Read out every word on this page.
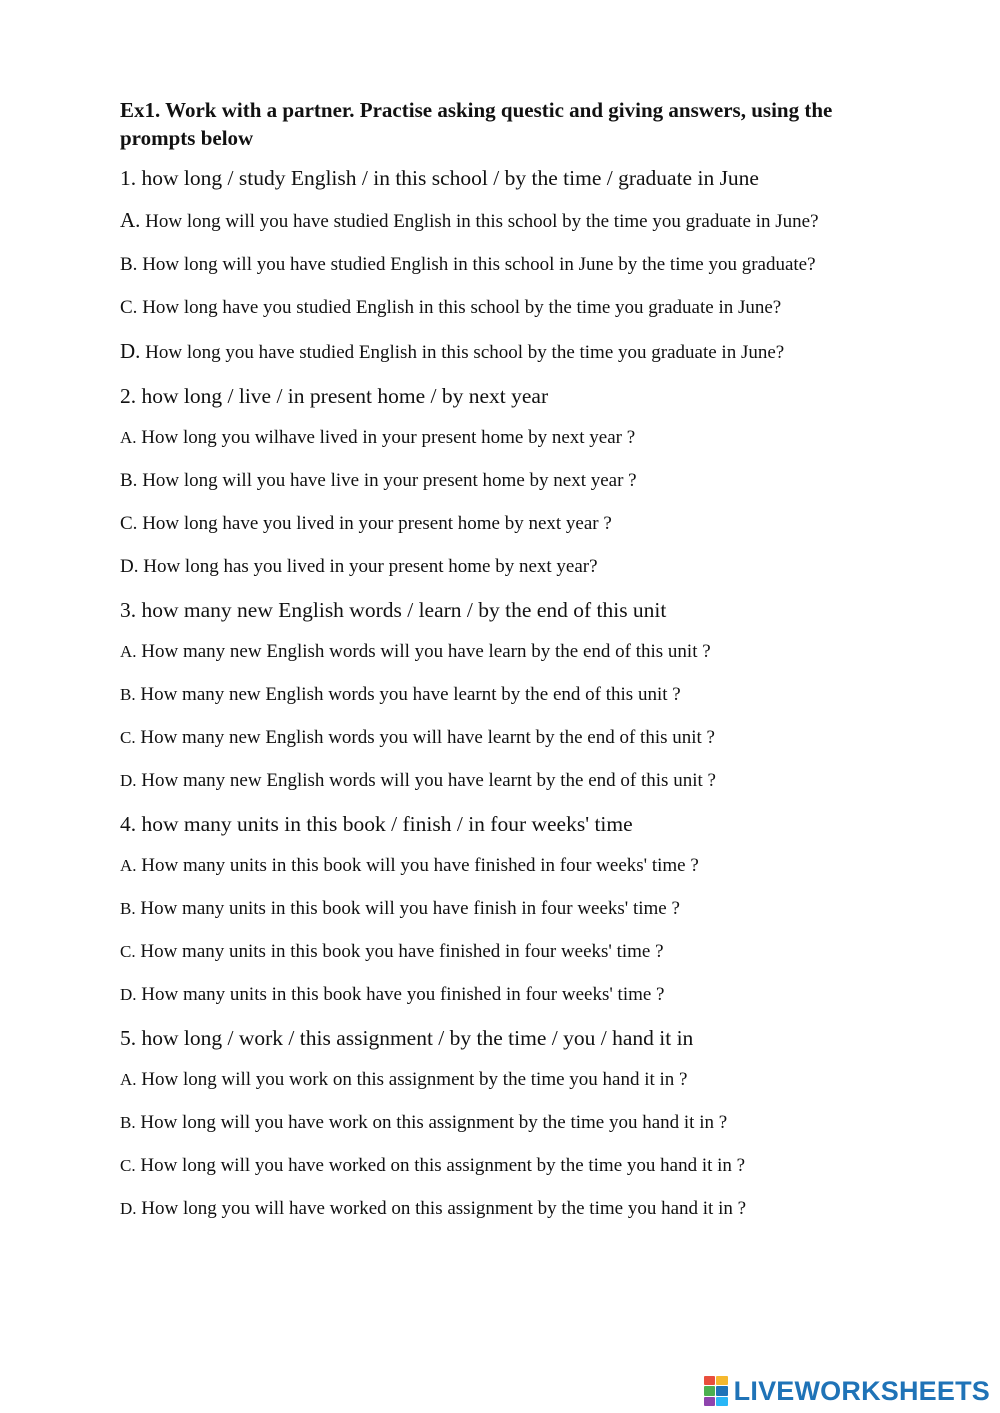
Ex1. Work with a partner. Practise asking questic and giving answers, using the prompts below

1. how long / study English / in this school / by the time / graduate in June

A. How long will you have studied English in this school by the time you graduate in June?

B. How long will you have studied English in this school in June by the time you graduate?

C. How long have you studied English in this school by the time you graduate in June?

D. How long you have studied English in this school by the time you graduate in June?

2. how long / live / in present home / by next year

A. How long you wilhave lived in your present home by next year ?

B. How long will you have live in your present home by next year ?

C. How long have you lived in your present home by next year ?

D. How long has you lived in your present home by next year?

3. how many new English words / learn / by the end of this unit

A. How many new English words will you have learn by the end of this unit ?

B. How many new English words you have learnt by the end of this unit ?

C. How many new English words you will have learnt by the end of this unit ?

D. How many new English words will you have learnt by the end of this unit ?

4. how many units in this book / finish / in four weeks' time

A. How many units in this book will you have finished in four weeks' time ?

B. How many units in this book will you have finish in four weeks' time ?

C. How many units in this book you have finished in four weeks' time ?

D. How many units in this book have you finished in four weeks' time ?

5. how long / work / this assignment / by the time / you / hand it in

A. How long will you work on this assignment by the time you hand it in ?

B. How long will you have work on this assignment by the time you hand it in ?

C. How long will you have worked on this assignment by the time you hand it in ?

D. How long you will have worked on this assignment by the time you hand it in ?

LIVEWORKSHEETS
